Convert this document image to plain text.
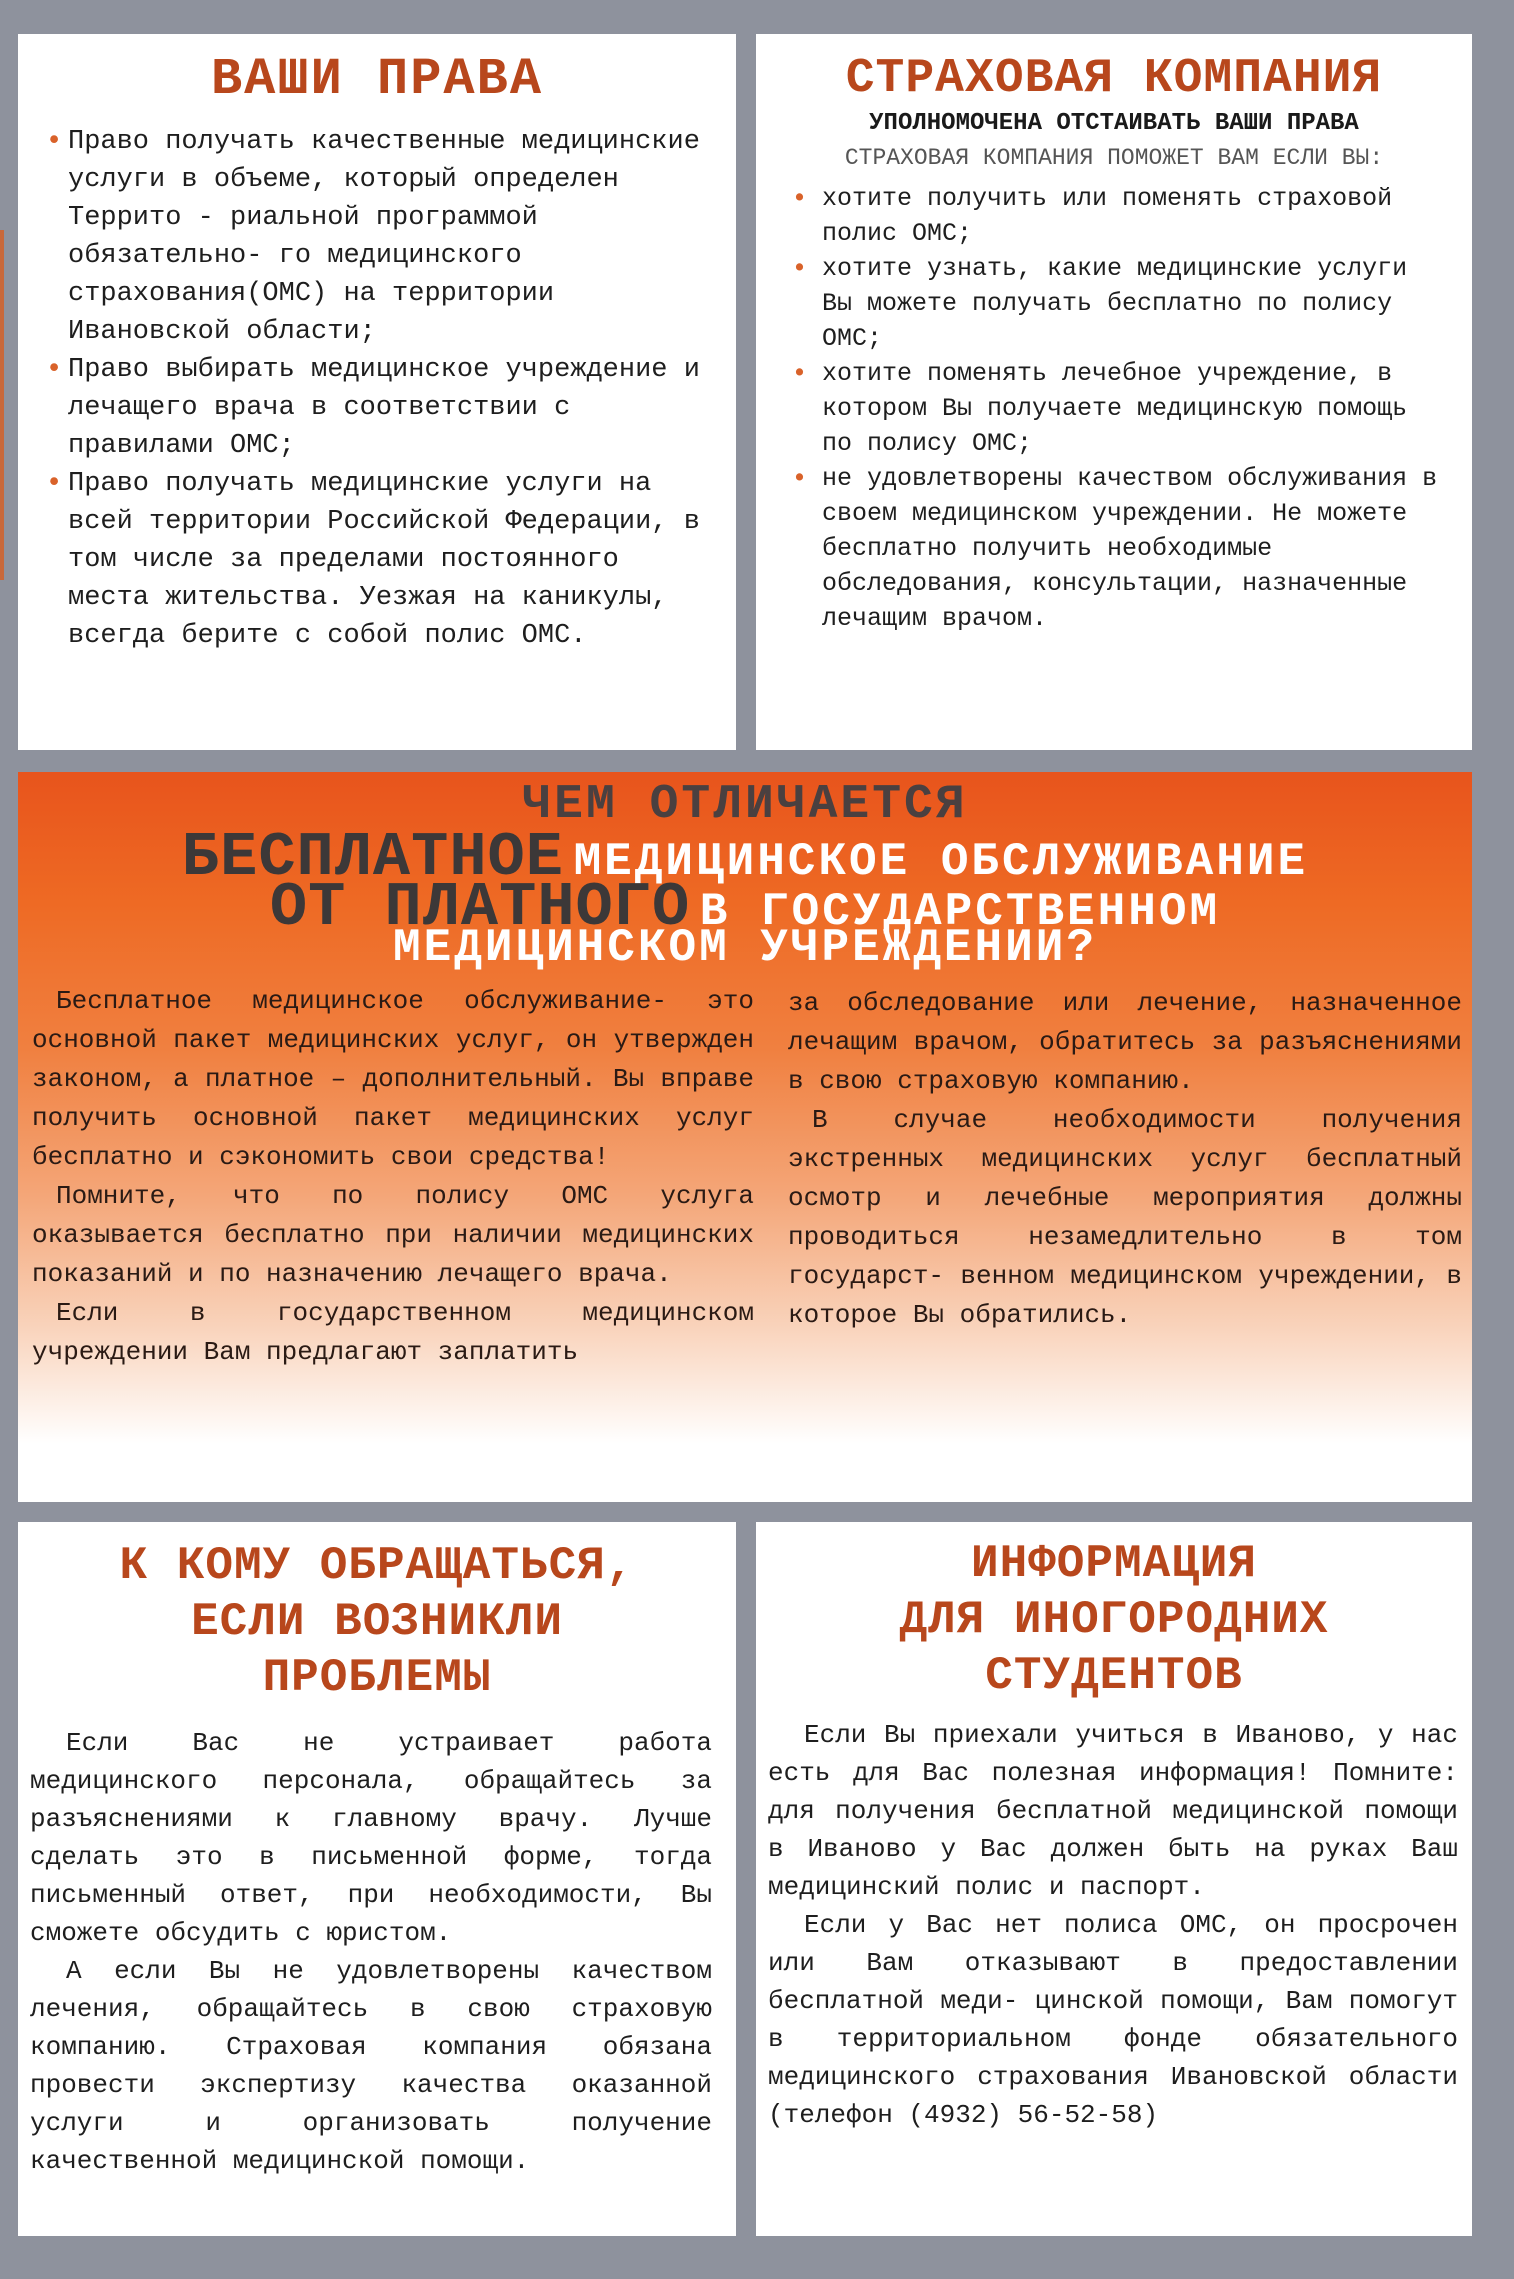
ВАШИ ПРАВА
• Право получать качественные медицинские услуги в объеме, который определен Террито - риальной программой обязательно- го медицинского страхования(ОМС) на территории Ивановской области;
• Право выбирать медицинское учреждение и лечащего врача в соответствии с правилами ОМС;
• Право получать медицинские услуги на всей территории Российской Федерации, в том числе за пределами постоянного места жительства. Уезжая на каникулы, всегда берите с собой полис ОМС.
СТРАХОВАЯ КОМПАНИЯ
УПОЛНОМОЧЕНА ОТСТАИВАТЬ ВАШИ ПРАВА
СТРАХОВАЯ КОМПАНИЯ ПОМОЖЕТ ВАМ ЕСЛИ ВЫ:
• хотите получить или поменять страховой полис ОМС;
• хотите узнать, какие медицинские услуги Вы можете получать бесплатно по полису ОМС;
• хотите поменять лечебное учреждение, в котором Вы получаете медицинскую помощь по полису ОМС;
• не удовлетворены качеством обслуживания в своем медицинском учреждении. Не можете бесплатно получить необходимые обследования, консультации, назначенные лечащим врачом.
ЧЕМ ОТЛИЧАЕТСЯ
БЕСПЛАТНОЕ МЕДИЦИНСКОЕ ОБСЛУЖИВАНИЕ
ОТ ПЛАТНОГО В ГОСУДАРСТВЕННОМ
МЕДИЦИНСКОМ УЧРЕЖДЕНИИ?

Бесплатное медицинское обслуживание- это основной пакет медицинских услуг, он утвержден законом, а платное – дополнительный. Вы вправе получить основной пакет медицинских услуг бесплатно и сэкономить свои средства!

Помните, что по полису ОМС услуга оказывается бесплатно при наличии медицинских показаний и по назначению лечащего врача.

Если в государственном медицинском учреждении Вам предлагают заплатить

за обследование или лечение, назначенное лечащим врачом, обратитесь за разъяснениями в свою страховую компанию.

В случае необходимости получения экстренных медицинских услуг бесплатный осмотр и лечебные мероприятия должны проводиться незамедлительно в том государст- венном медицинском учреждении, в которое Вы обратились.

К КОМУ ОБРАЩАТЬСЯ,
ЕСЛИ ВОЗНИКЛИ
ПРОБЛЕМЫ

Если Вас не устраивает работа медицинского персонала, обращайтесь за разъяснениями к главному врачу. Лучше сделать это в письменной форме, тогда письменный ответ, при необходимости, Вы сможете обсудить с юристом.

А если Вы не удовлетворены качеством лечения, обращайтесь в свою страховую компанию. Страховая компания обязана провести экспертизу качества оказанной услуги и организовать получение качественной медицинской помощи.

ИНФОРМАЦИЯ
ДЛЯ ИНОГОРОДНИХ
СТУДЕНТОВ

Если Вы приехали учиться в Иваново, у нас есть для Вас полезная информация! Помните: для получения бесплатной медицинской помощи в Иваново у Вас должен быть на руках Ваш медицинский полис и паспорт.

Если у Вас нет полиса ОМС, он просрочен или Вам отказывают в предоставлении бесплатной меди- цинской помощи, Вам помогут в территориальном фонде обязательного медицинского страхования Ивановской области (телефон (4932) 56-52-58)
